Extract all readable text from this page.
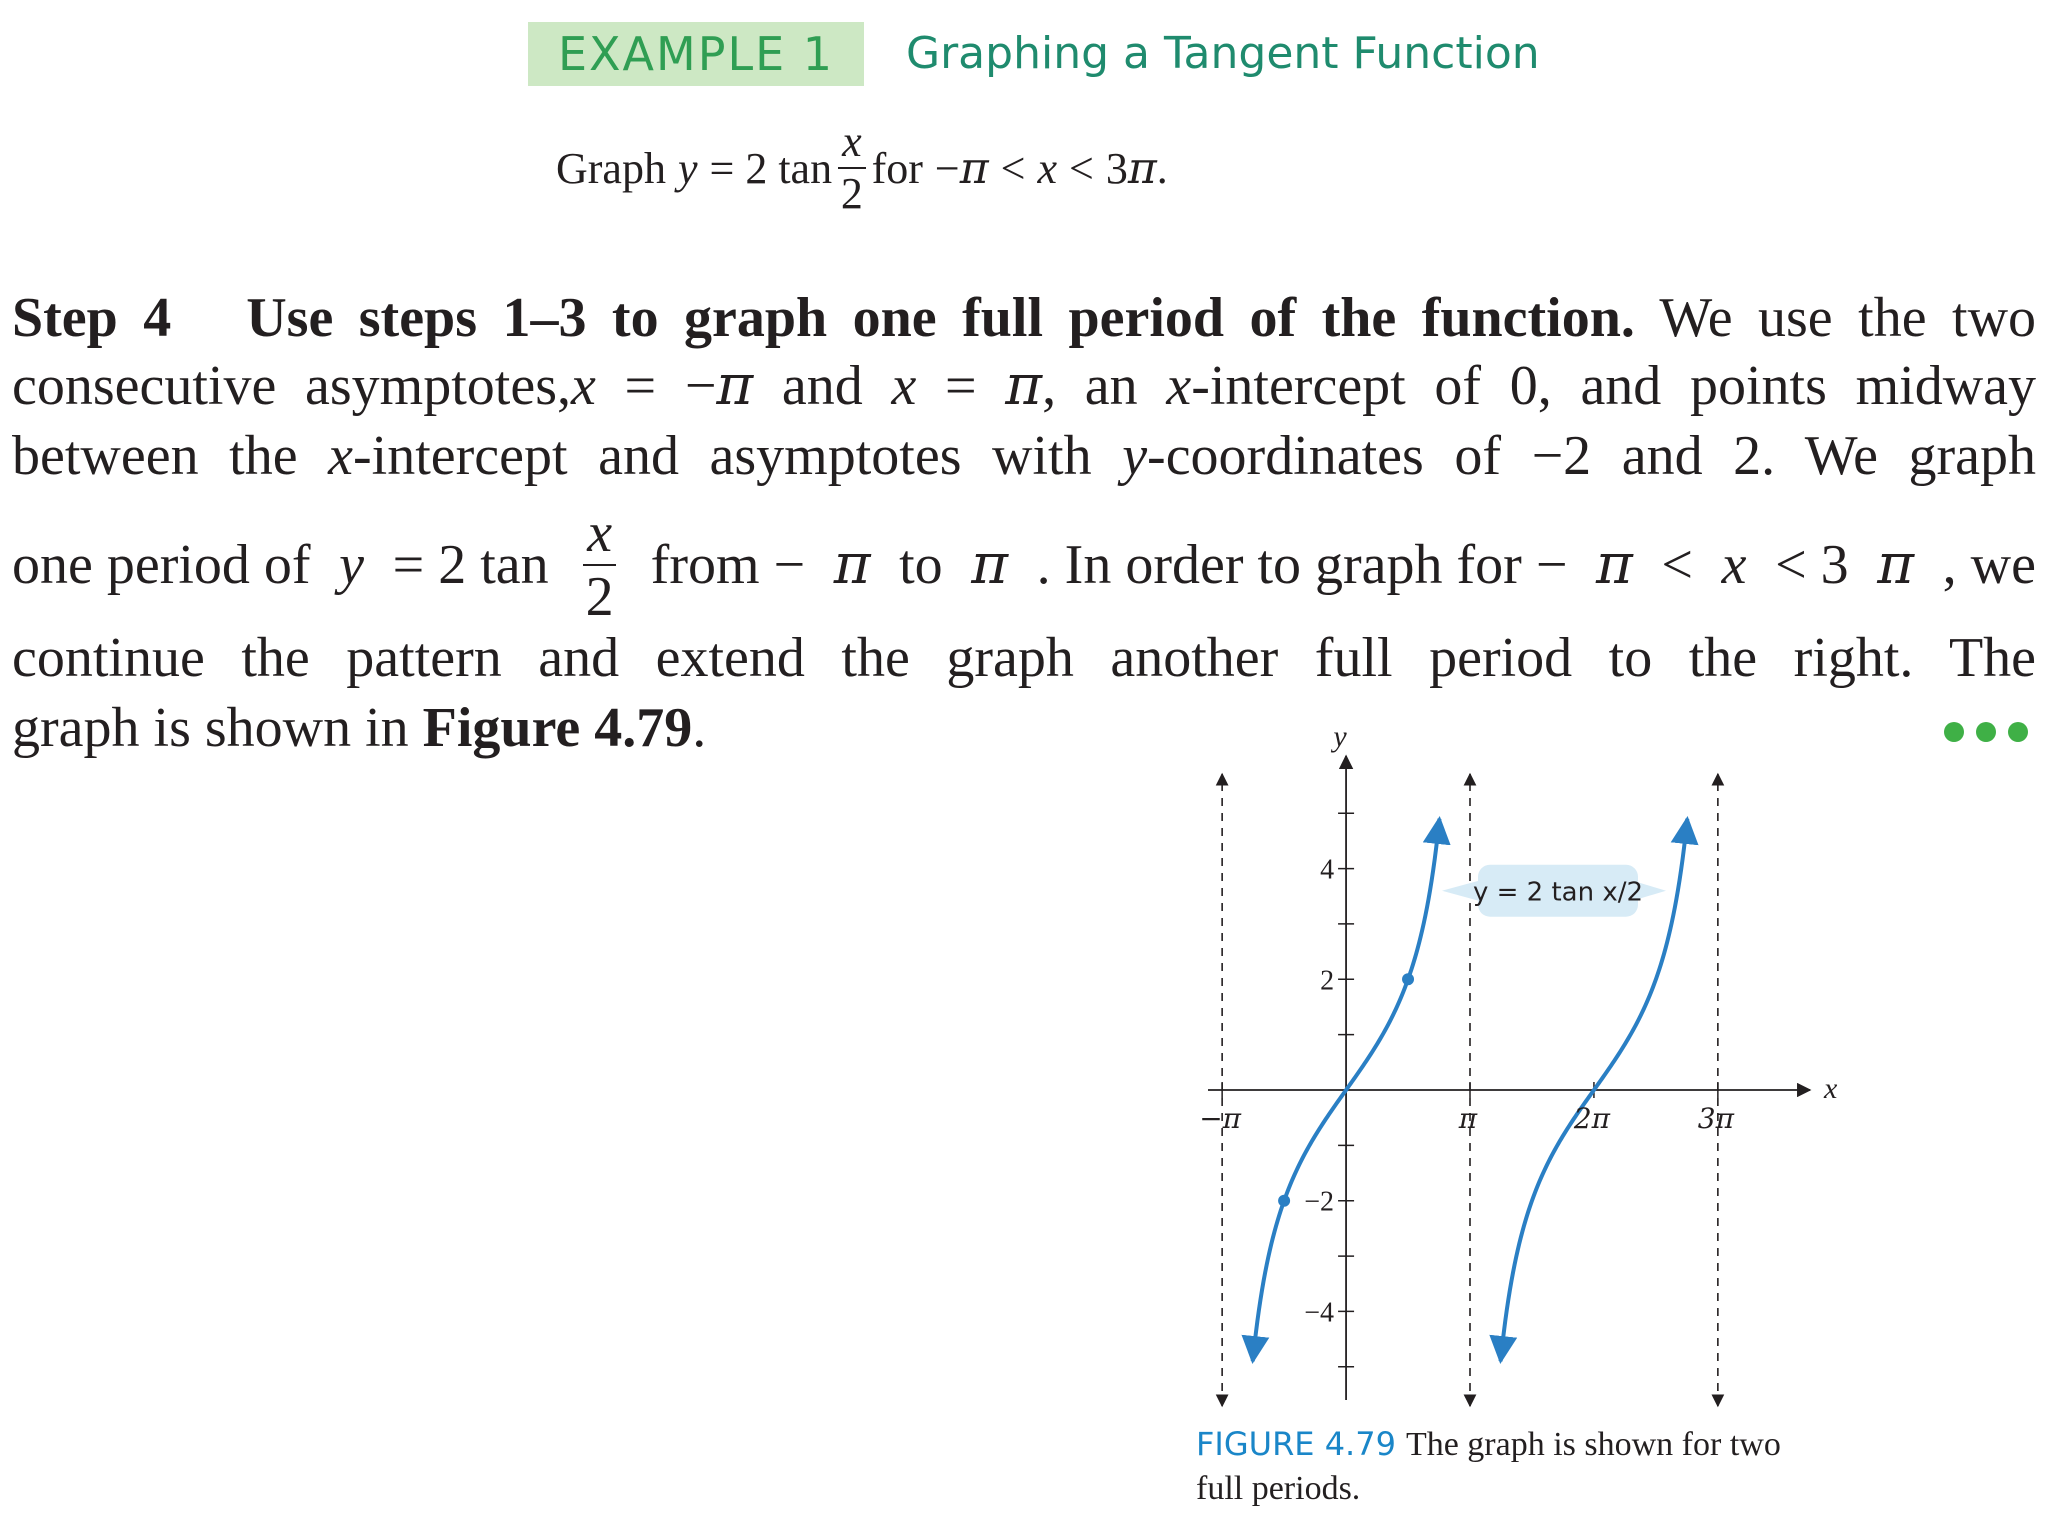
EXAMPLE 1	Graphing a Tangent Function
Graph y = 2 $\tan \frac{x}{2}$ for − π < x < 3 π .
Step 4 Use steps 1–3 to graph one full period of the function. We use the two
consecutive asymptotes,x = −π and x = π, an x-intercept of 0, and points midway
between the x-intercept and asymptotes with y-coordinates of −2 and 2. We graph
one period of y = 2 $\tan \frac{x}{2}$ from − π to π . In order to graph for − π < x < 3 π , we
continue the pattern and extend the graph another full period to the right. The
graph is shown in Figure 4.79.
x
y
y = 2 tan x/2
−4
−2
2
4
−π	π	2π	3π
FIGURE 4.79 The graph is shown for two full periods.
